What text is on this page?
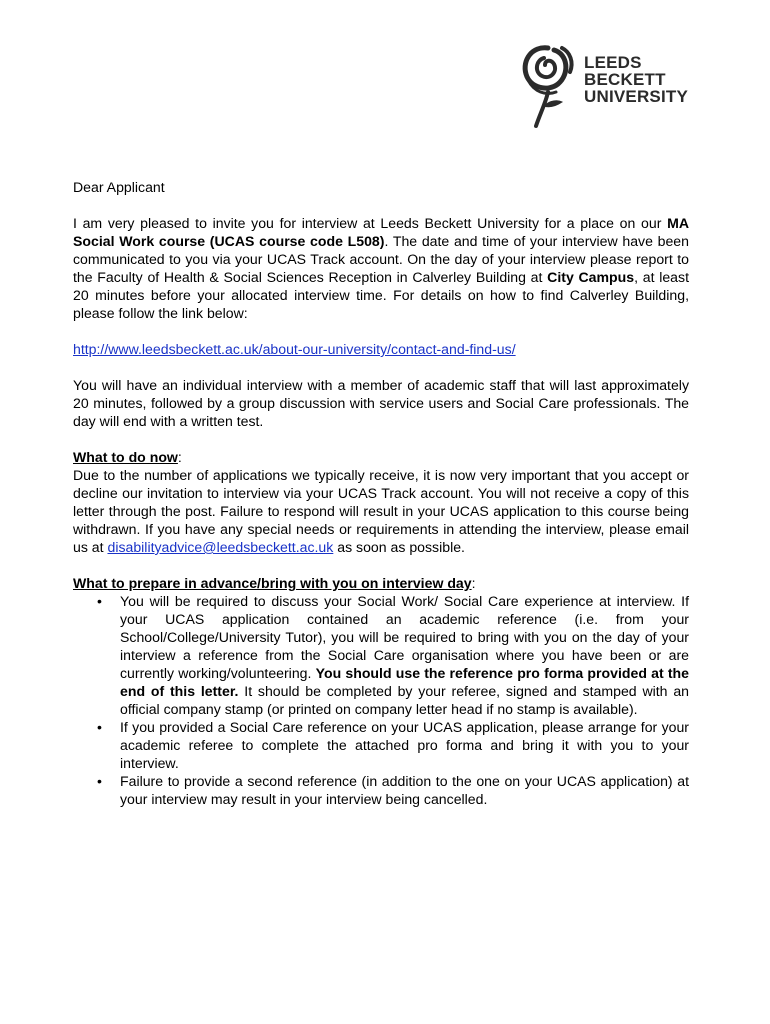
LEEDS
BECKETT
UNIVERSITY

Dear Applicant

I am very pleased to invite you for interview at Leeds Beckett University for a place on our MA Social Work course (UCAS course code L508). The date and time of your interview have been communicated to you via your UCAS Track account. On the day of your interview please report to the Faculty of Health & Social Sciences Reception in Calverley Building at City Campus, at least 20 minutes before your allocated interview time. For details on how to find Calverley Building, please follow the link below:

http://www.leedsbeckett.ac.uk/about-our-university/contact-and-find-us/

You will have an individual interview with a member of academic staff that will last approximately 20 minutes, followed by a group discussion with service users and Social Care professionals. The day will end with a written test.

What to do now:

Due to the number of applications we typically receive, it is now very important that you accept or decline our invitation to interview via your UCAS Track account. You will not receive a copy of this letter through the post. Failure to respond will result in your UCAS application to this course being withdrawn. If you have any special needs or requirements in attending the interview, please email us at disabilityadvice@leedsbeckett.ac.uk as soon as possible.

What to prepare in advance/bring with you on interview day:

• You will be required to discuss your Social Work/ Social Care experience at interview. If your UCAS application contained an academic reference (i.e. from your School/College/University Tutor), you will be required to bring with you on the day of your interview a reference from the Social Care organisation where you have been or are currently working/volunteering. You should use the reference pro forma provided at the end of this letter. It should be completed by your referee, signed and stamped with an official company stamp (or printed on company letter head if no stamp is available).
• If you provided a Social Care reference on your UCAS application, please arrange for your academic referee to complete the attached pro forma and bring it with you to your interview.
• Failure to provide a second reference (in addition to the one on your UCAS application) at your interview may result in your interview being cancelled.
